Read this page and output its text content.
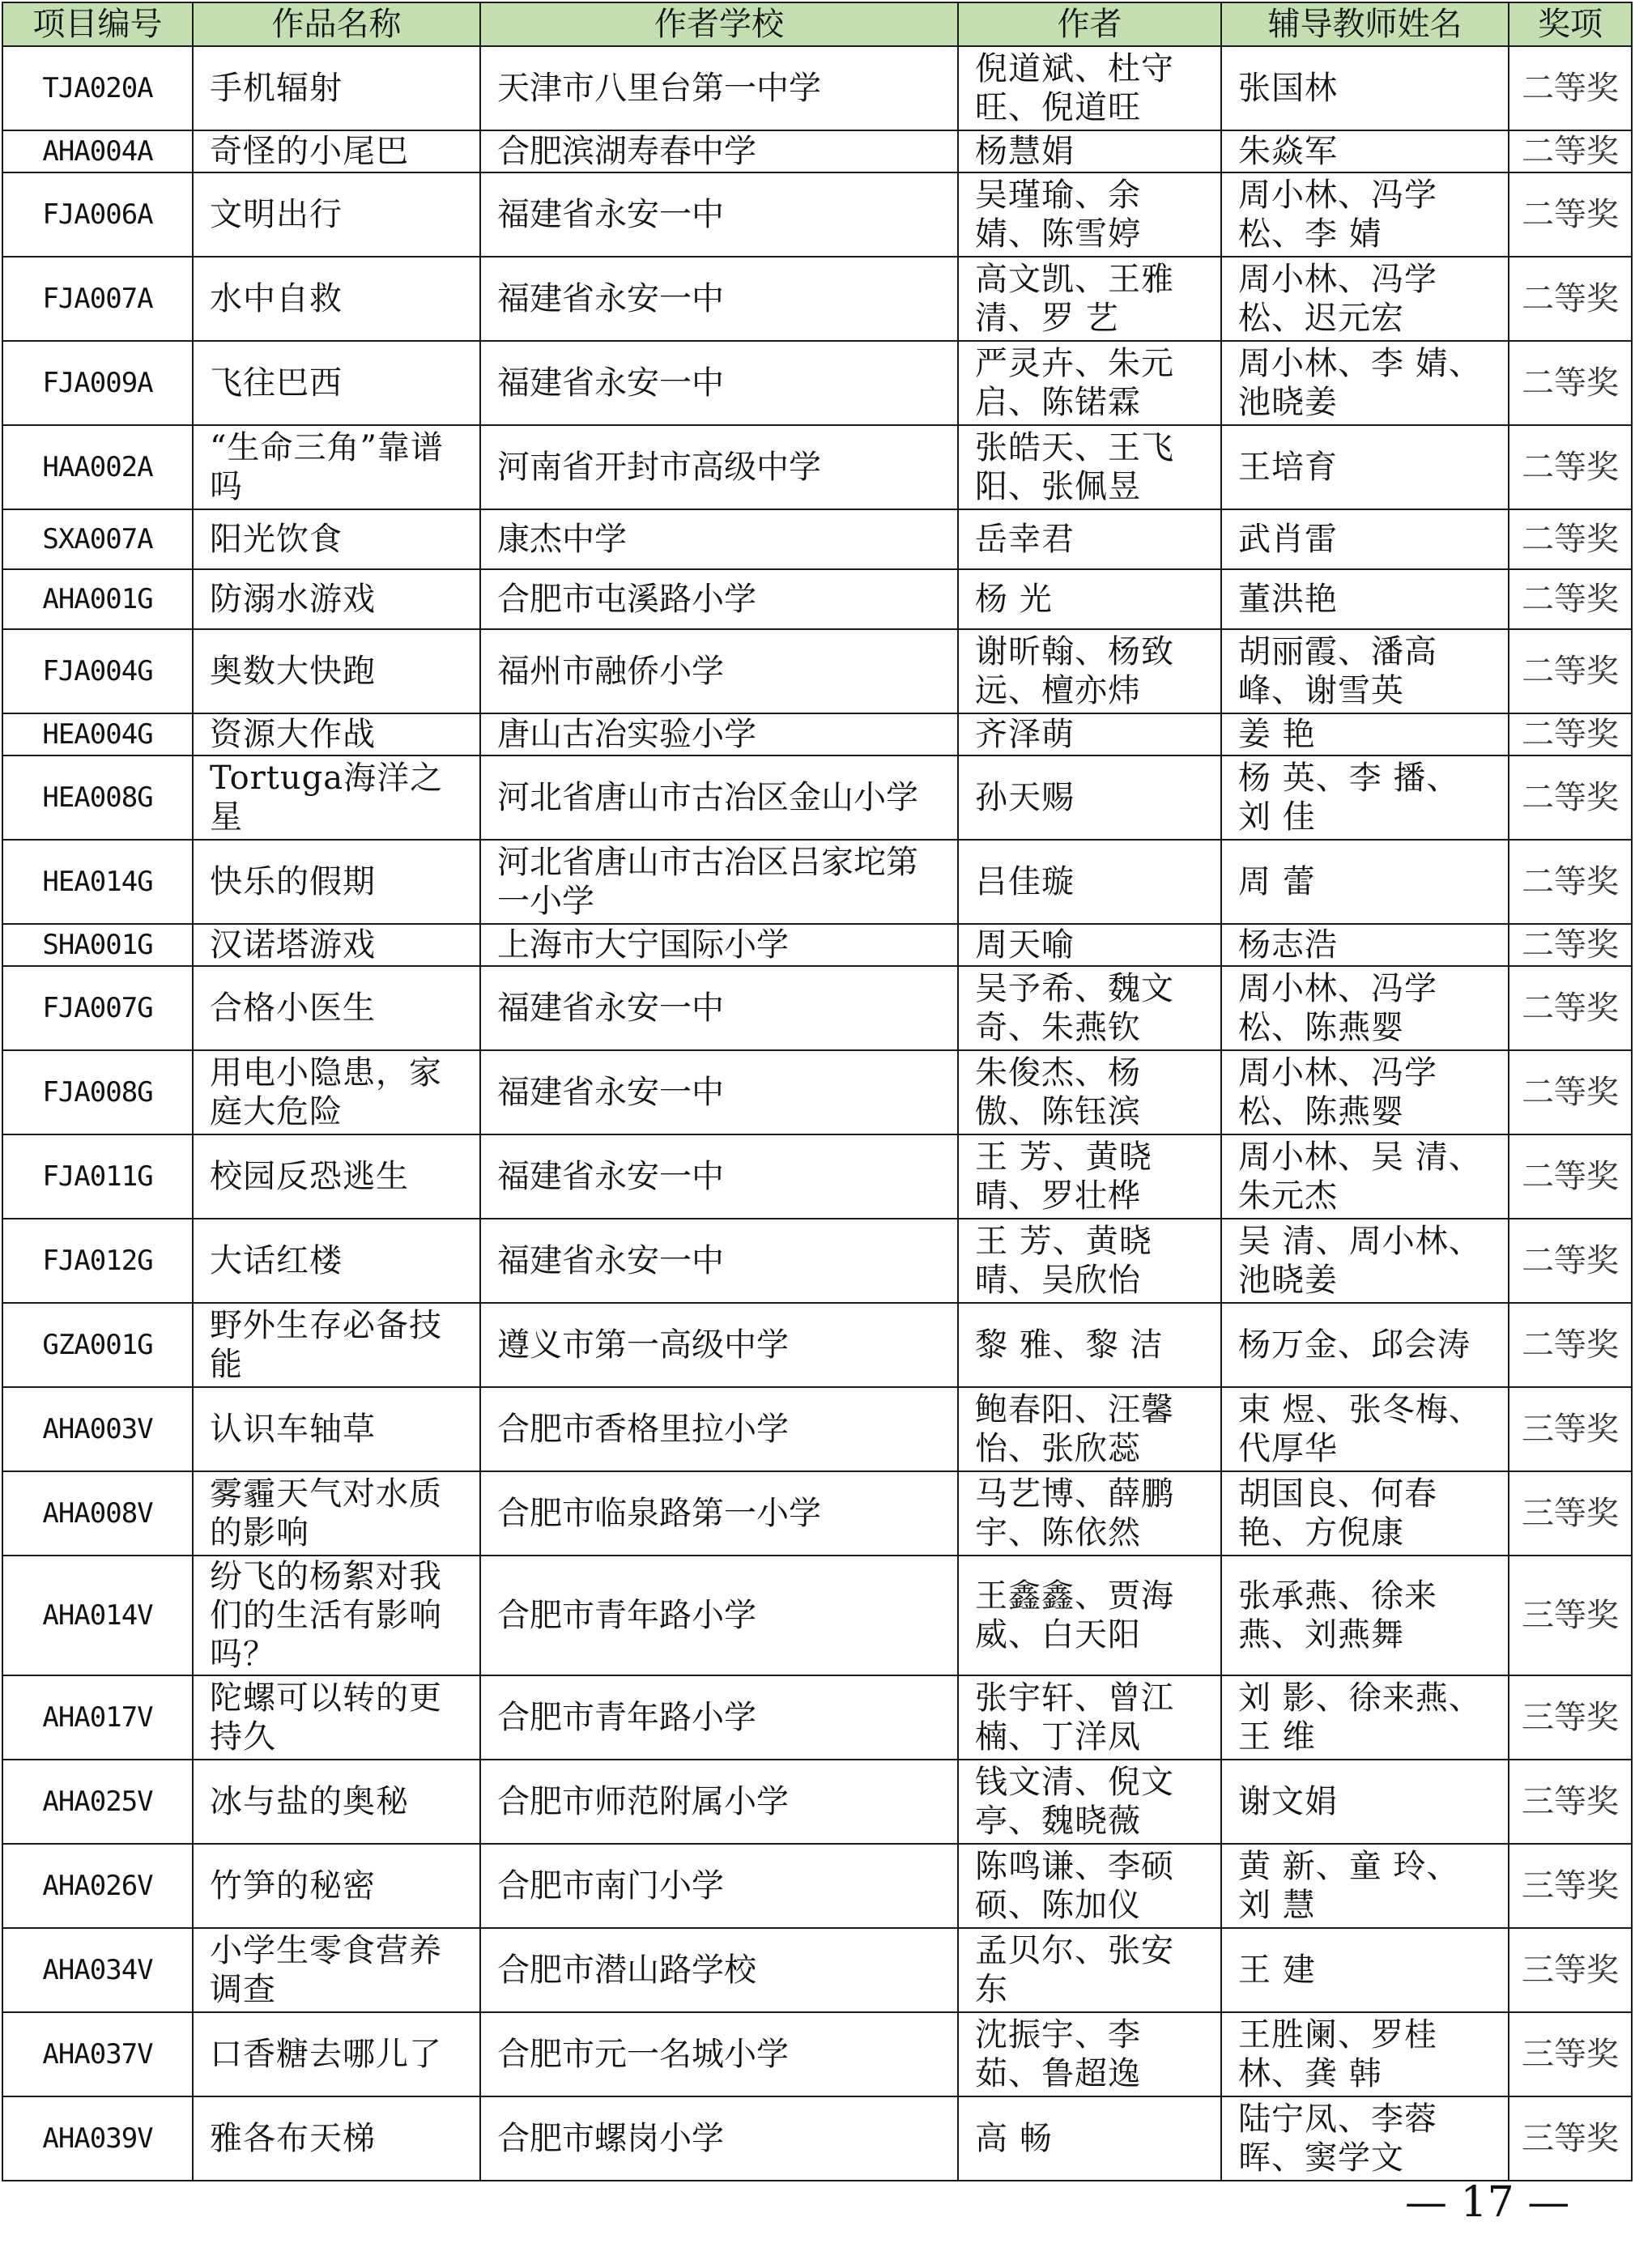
项目编号	作品名称	作者学校	作者	辅导教师姓名	奖项
TJA020A	手机辐射	天津市八里台第一中学	倪道斌、杜守旺、倪道旺	张国林	二等奖
AHA004A	奇怪的小尾巴	合肥滨湖寿春中学	杨慧娟	朱焱军	二等奖
FJA006A	文明出行	福建省永安一中	吴瑾瑜、余 婧、陈雪婷	周小林、冯学松、李 婧	二等奖
FJA007A	水中自救	福建省永安一中	高文凯、王雅清、罗 艺	周小林、冯学松、迟元宏	二等奖
FJA009A	飞往巴西	福建省永安一中	严灵卉、朱元启、陈锘霖	周小林、李 婧、池晓姜	二等奖
HAA002A	“生命三角”靠谱吗	河南省开封市高级中学	张皓天、王飞阳、张佩昱	王培育	二等奖
SXA007A	阳光饮食	康杰中学	岳幸君	武肖雷	二等奖
AHA001G	防溺水游戏	合肥市屯溪路小学	杨 光	董洪艳	二等奖
FJA004G	奥数大快跑	福州市融侨小学	谢昕翰、杨致远、檀亦炜	胡丽霞、潘高峰、谢雪英	二等奖
HEA004G	资源大作战	唐山古冶实验小学	齐泽萌	姜 艳	二等奖
HEA008G	Tortuga海洋之星	河北省唐山市古冶区金山小学	孙天赐	杨 英、李 播、刘 佳	二等奖
HEA014G	快乐的假期	河北省唐山市古冶区吕家坨第一小学	吕佳璇	周 蕾	二等奖
SHA001G	汉诺塔游戏	上海市大宁国际小学	周天喻	杨志浩	二等奖
FJA007G	合格小医生	福建省永安一中	吴予希、魏文奇、朱燕钦	周小林、冯学松、陈燕婴	二等奖
FJA008G	用电小隐患，家庭大危险	福建省永安一中	朱俊杰、杨 傲、陈钰滨	周小林、冯学松、陈燕婴	二等奖
FJA011G	校园反恐逃生	福建省永安一中	王 芳、黄晓晴、罗壮桦	周小林、吴 清、朱元杰	二等奖
FJA012G	大话红楼	福建省永安一中	王 芳、黄晓晴、吴欣怡	吴 清、周小林、池晓姜	二等奖
GZA001G	野外生存必备技能	遵义市第一高级中学	黎 雅、黎 洁	杨万金、邱会涛	二等奖
AHA003V	认识车轴草	合肥市香格里拉小学	鲍春阳、汪馨怡、张欣蕊	束 煜、张冬梅、代厚华	三等奖
AHA008V	雾霾天气对水质的影响	合肥市临泉路第一小学	马艺博、薛鹏宇、陈依然	胡国良、何春艳、方倪康	三等奖
AHA014V	纷飞的杨絮对我们的生活有影响吗？	合肥市青年路小学	王鑫鑫、贾海威、白天阳	张承燕、徐来燕、刘燕舞	三等奖
AHA017V	陀螺可以转的更持久	合肥市青年路小学	张宇轩、曾江楠、丁洋凤	刘 影、徐来燕、王 维	三等奖
AHA025V	冰与盐的奥秘	合肥市师范附属小学	钱文清、倪文亭、魏晓薇	谢文娟	三等奖
AHA026V	竹笋的秘密	合肥市南门小学	陈鸣谦、李硕硕、陈加仪	黄 新、童 玲、刘 慧	三等奖
AHA034V	小学生零食营养调查	合肥市潜山路学校	孟贝尔、张安东	王 建	三等奖
AHA037V	口香糖去哪儿了	合肥市元一名城小学	沈振宇、李 茹、鲁超逸	王胜阑、罗桂林、龚 韩	三等奖
AHA039V	雅各布天梯	合肥市螺岗小学	高 畅	陆宁凤、李蓉晖、窦学文	三等奖
— 17 —
